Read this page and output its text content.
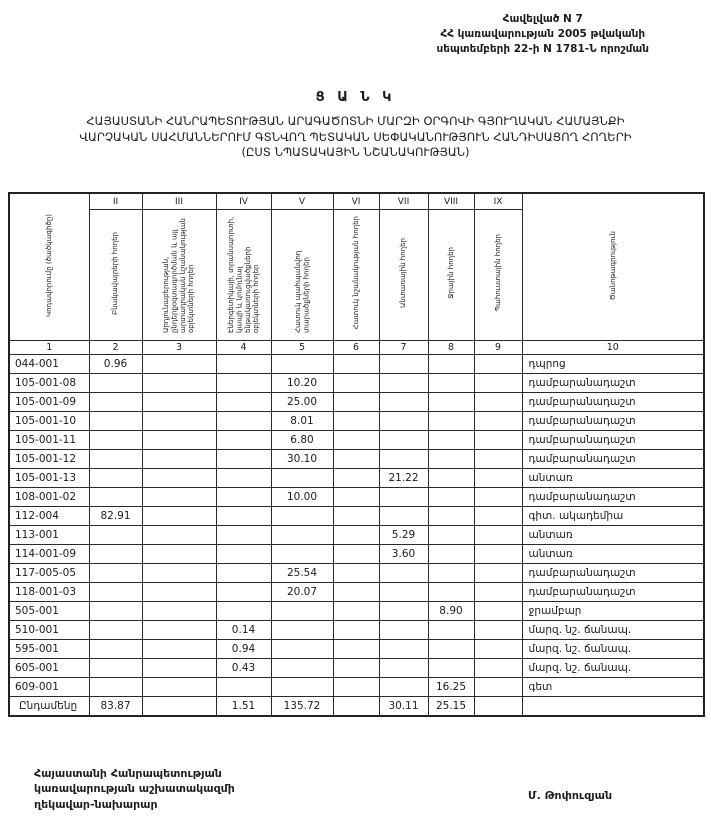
Հավելված N 7
ՀՀ կառավարության 2005 թվականի
սեպտեմբերի 22-ի N 1781-Ն որոշման
Ց Ա Ն Կ
ՀԱՅԱՍՏԱՆԻ ՀԱՆՐԱՊԵՏՈՒԹՅԱՆ ԱՐԱԳԱԾՈՏՆԻ ՄԱՐԶԻ ՕՐԳՈՎԻ ԳՅՈՒՂԱԿԱՆ ՀԱՄԱՅՆՔԻ
ՎԱՐՉԱԿԱՆ ՍԱՀՄԱՆՆԵՐՈՒՄ ԳՏՆՎՈՂ ՊԵՏԱԿԱՆ ՍԵՓԱԿԱՆՈՒԹՅՈՒՆ ՀԱՆԴԻՍԱՑՈՂ ՀՈՂԵՐԻ
(ԸՍՏ ՆՊԱՏԱԿԱՅԻՆ ՆՇԱՆԱԿՈՒԹՅԱՆ)
Կոդավորումը (ծածկագիծը)	II	III	IV	V	VI	VII	VIII	IX	Ծանոթագրություն
	Բնակավայրերի հողեր	Արդյունաբերության, ընդերքօգտագործման և այլ արտադրական նշանակության օբյեկտների հողեր	Էներգետիկայի, տրանսպորտի, կապի և կոմունալ ենթակառուցվածքների օբյեկտների հողեր	Հատուկ պահպանվող տարածքների հողեր	Հատուկ նշանակության հողեր	Անտառային հողեր	Ջրային հողեր	Պահուստային հողեր	
1	2	3	4	5	6	7	8	9	10
044-001	0.96								դպրոց
105-001-08				10.20					դամբարանադաշտ
105-001-09				25.00					դամբարանադաշտ
105-001-10				8.01					դամբարանադաշտ
105-001-11				6.80					դամբարանադաշտ
105-001-12				30.10					դամբարանադաշտ
105-001-13						21.22			անտառ
108-001-02				10.00					դամբարանադաշտ
112-004	82.91								գիտ. ակադեմիա
113-001						5.29			անտառ
114-001-09						3.60			անտառ
117-005-05				25.54					դամբարանադաշտ
118-001-03				20.07					դամբարանադաշտ
505-001							8.90		ջրամբար
510-001			0.14						մարզ. նշ. ճանապ.
595-001			0.94						մարզ. նշ. ճանապ.
605-001			0.43						մարզ. նշ. ճանապ.
609-001							16.25		գետ
Ընդամենը	83.87		1.51	135.72		30.11	25.15		
Հայաստանի Հանրապետության
կառավարության աշխատակազմի
ղեկավար-նախարար
Մ. Թոփուզյան
